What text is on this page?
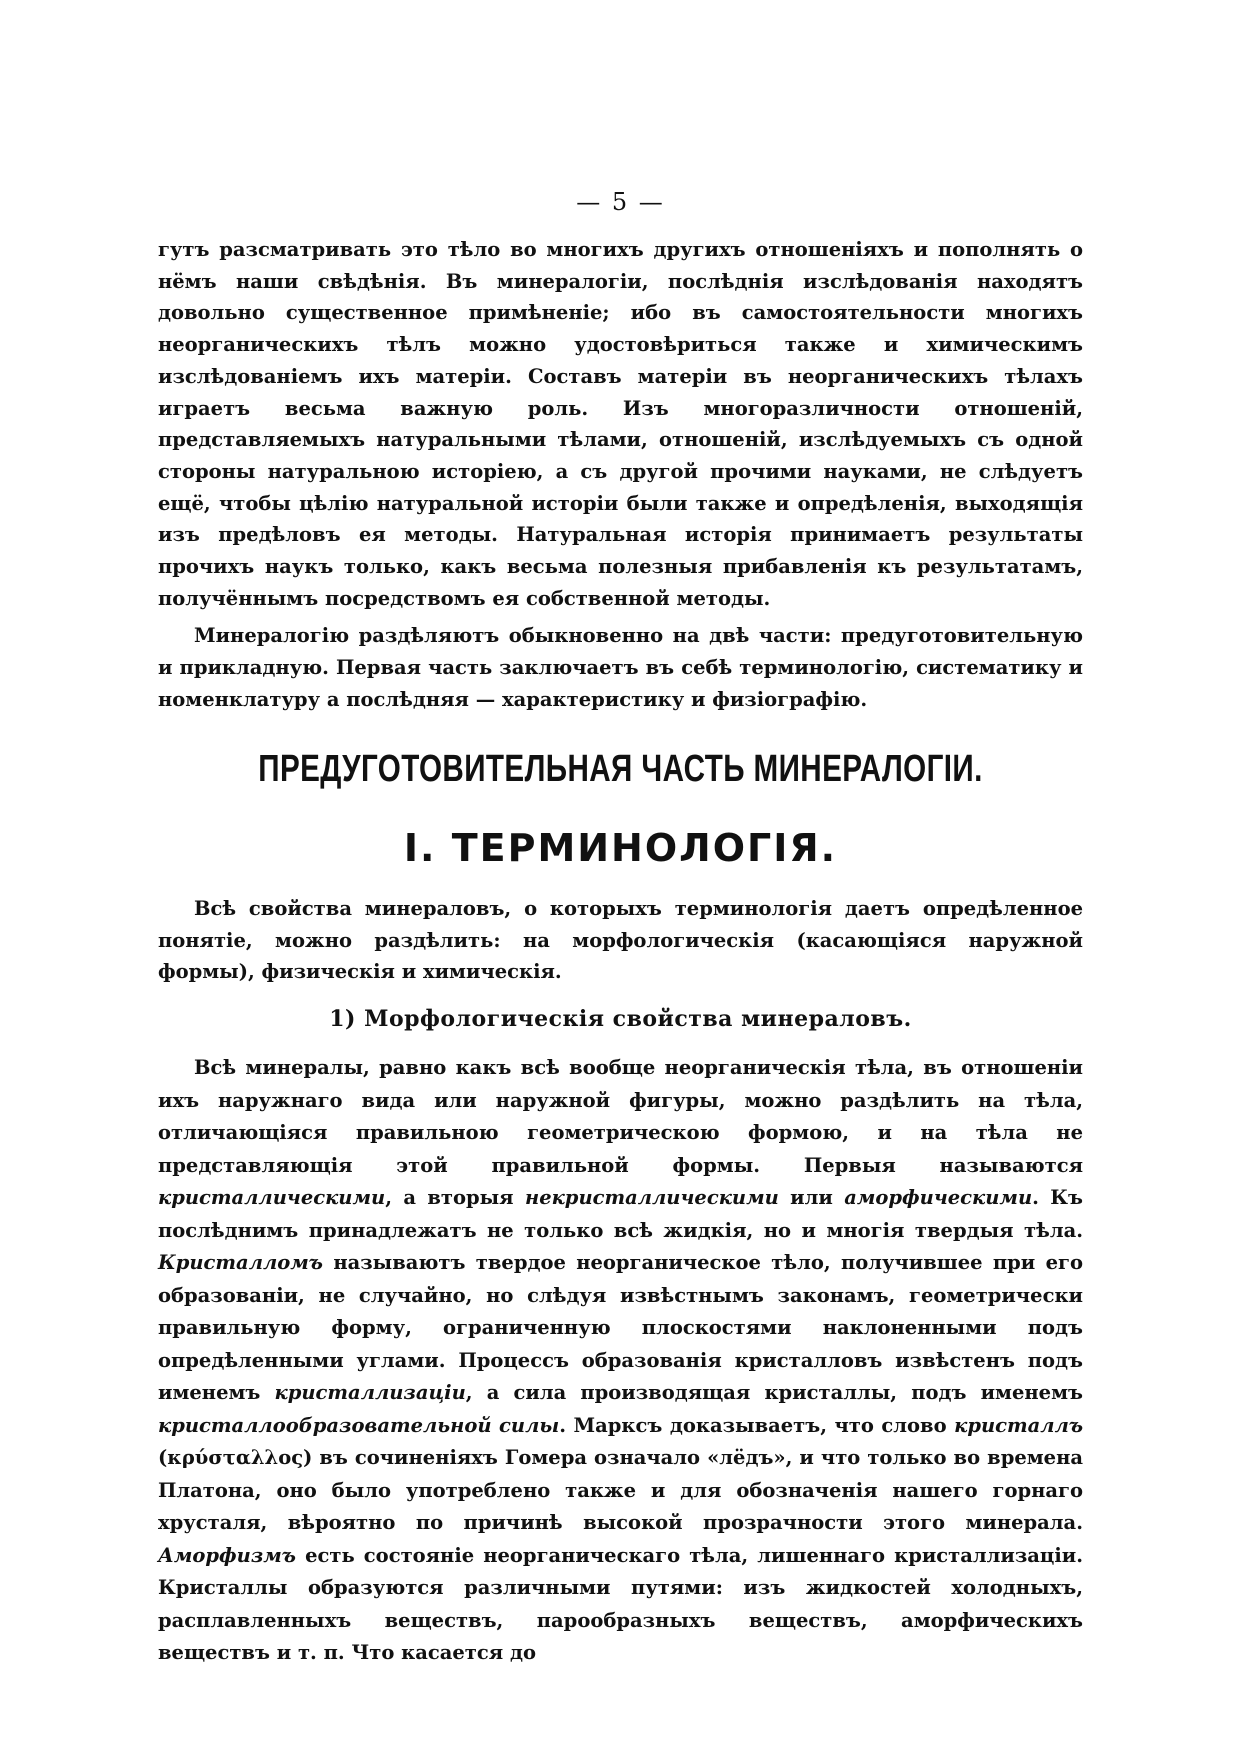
— 5 —

гутъ разсматривать это тѣло во многихъ другихъ отношеніяхъ и пополнять о нёмъ наши свѣдѣнія. Въ минералогіи, послѣднія изслѣдованія находятъ довольно существенное примѣненіе; ибо въ самостоятельности многихъ неорганическихъ тѣлъ можно удостовѣриться также и химическимъ изслѣдованіемъ ихъ матеріи. Составъ матеріи въ неорганическихъ тѣлахъ играетъ весьма важную роль. Изъ многоразличности отношеній, представляемыхъ натуральными тѣлами, отношеній, изслѣдуемыхъ съ одной стороны натуральною исторіею, а съ другой прочими науками, не слѣдуетъ ещё, чтобы цѣлію натуральной исторіи были также и опредѣленія, выходящія изъ предѣловъ ея методы. Натуральная исторія принимаетъ результаты прочихъ наукъ только, какъ весьма полезныя прибавленія къ результатамъ, получённымъ посредствомъ ея собственной методы.

Минералогію раздѣляютъ обыкновенно на двѣ части: предуготовительную и прикладную. Первая часть заключаетъ въ себѣ терминологію, систематику и номенклатуру а послѣдняя — характеристику и физіографію.

ПРЕДУГОТОВИТЕЛЬНАЯ ЧАСТЬ МИНЕРАЛОГІИ.
I. ТЕРМИНОЛОГІЯ.

Всѣ свойства минераловъ, о которыхъ терминологія даетъ опредѣленное понятіе, можно раздѣлить: на морфологическія (касающіяся наружной формы), физическія и химическія.

1) Морфологическія свойства минераловъ.

Всѣ минералы, равно какъ всѣ вообще неорганическія тѣла, въ отношеніи ихъ наружнаго вида или наружной фигуры, можно раздѣлить на тѣла, отличающіяся правильною геометрическою формою, и на тѣла не представляющія этой правильной формы. Первыя называются кристаллическими, а вторыя некристаллическими или аморфическими. Къ послѣднимъ принадлежатъ не только всѣ жидкія, но и многія твердыя тѣла. Кристалломъ называютъ твердое неорганическое тѣло, получившее при его образованіи, не случайно, но слѣдуя извѣстнымъ законамъ, геометрически правильную форму, ограниченную плоскостями наклоненными подъ опредѣленными углами. Процессъ образованія кристалловъ извѣстенъ подъ именемъ кристаллизаціи, а сила производящая кристаллы, подъ именемъ кристаллообразовательной силы. Марксъ доказываетъ, что слово кристаллъ (κρύσταλλος) въ сочиненіяхъ Гомера означало «лёдъ», и что только во времена Платона, оно было употреблено также и для обозначенія нашего горнаго хрусталя, вѣроятно по причинѣ высокой прозрачности этого минерала. Аморфизмъ есть состояніе неорганическаго тѣла, лишеннаго кристаллизаціи. Кристаллы образуются различными путями: изъ жидкостей холодныхъ, расплавленныхъ веществъ, парообразныхъ веществъ, аморфическихъ веществъ и т. п. Что касается до
